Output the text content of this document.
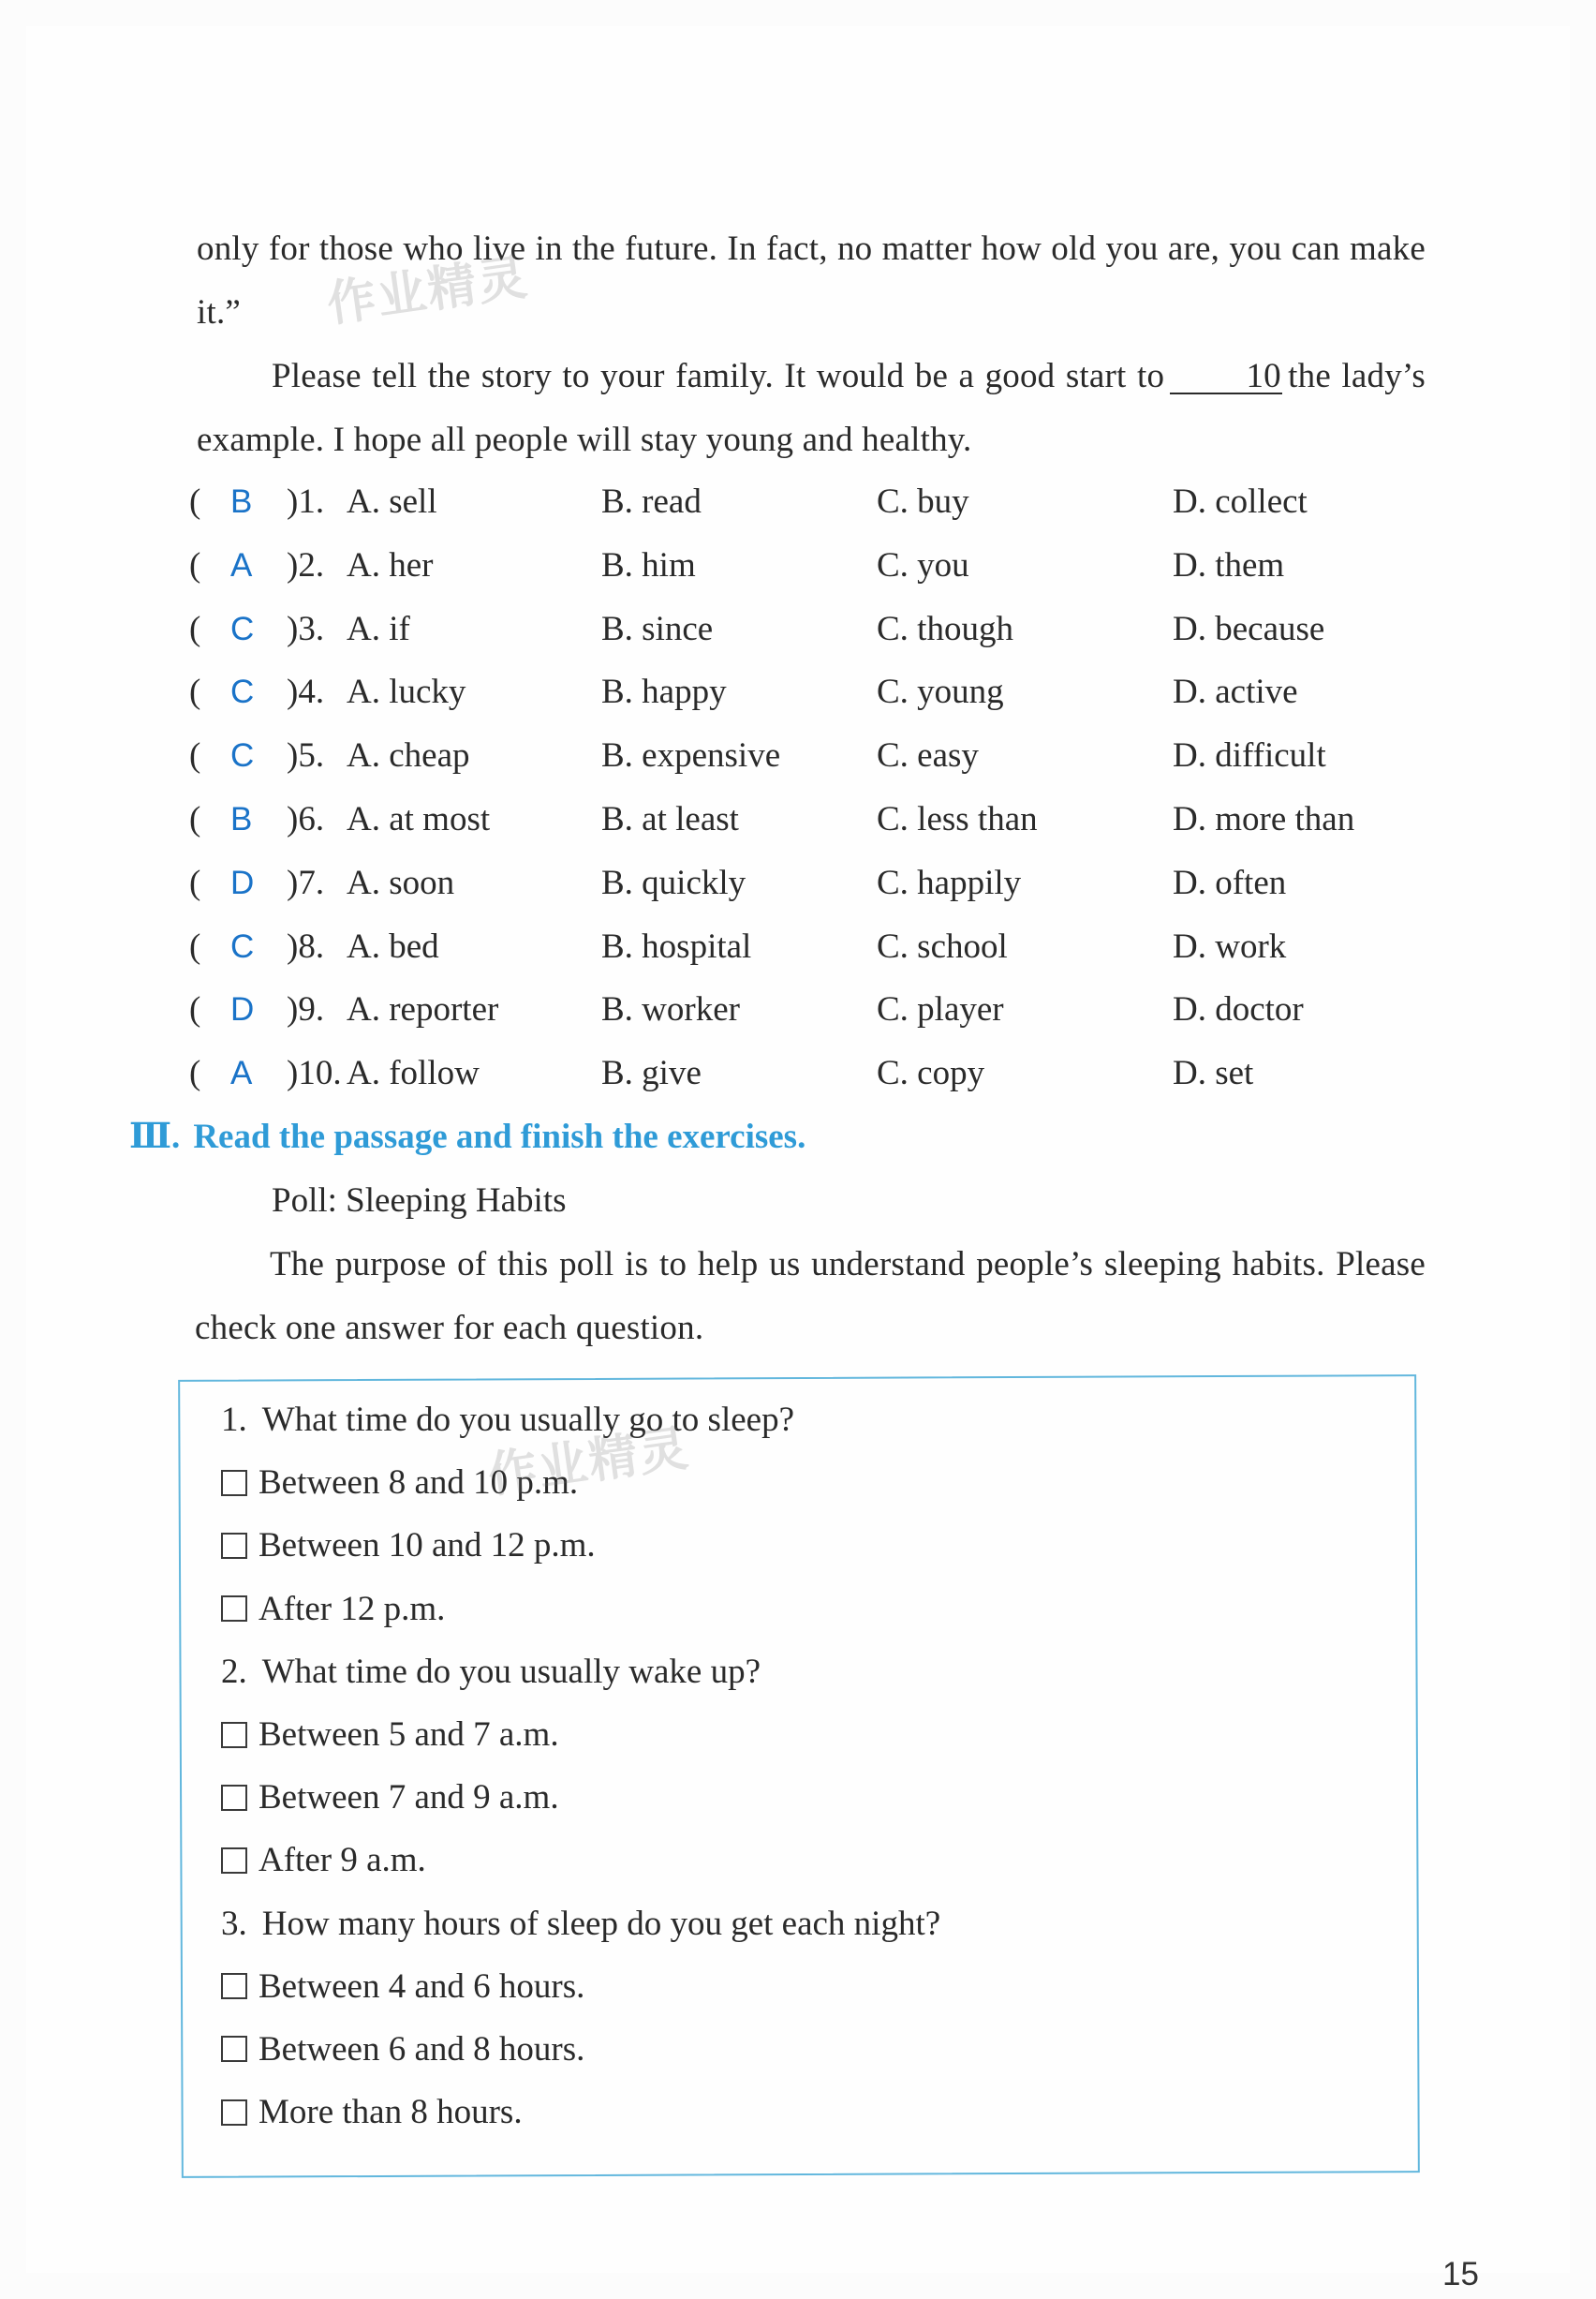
only for those who live in the future. In fact, no matter how old you are, you can make it.”

Please tell the story to your family. It would be a good start to 10 the lady’s example. I hope all people will stay young and healthy.

( B )1. A. sell	B. read	C. buy	D. collect
( A )2. A. her	B. him	C. you	D. them
( C )3. A. if	B. since	C. though	D. because
( C )4. A. lucky	B. happy	C. young	D. active
( C )5. A. cheap	B. expensive	C. easy	D. difficult
( B )6. A. at most	B. at least	C. less than	D. more than
( D )7. A. soon	B. quickly	C. happily	D. often
( C )8. A. bed	B. hospital	C. school	D. work
( D )9. A. reporter	B. worker	C. player	D. doctor
( A )10. A. follow	B. give	C. copy	D. set
Ⅲ. Read the passage and finish the exercises.

Poll: Sleeping Habits

The purpose of this poll is to help us understand people’s sleeping habits. Please check one answer for each question.

1. What time do you usually go to sleep?
Between 8 and 10 p.m.
Between 10 and 12 p.m.
After 12 p.m.
2. What time do you usually wake up?
Between 5 and 7 a.m.
Between 7 and 9 a.m.
After 9 a.m.
3. How many hours of sleep do you get each night?
Between 4 and 6 hours.
Between 6 and 8 hours.
More than 8 hours.
作业精灵
作业精灵
15
